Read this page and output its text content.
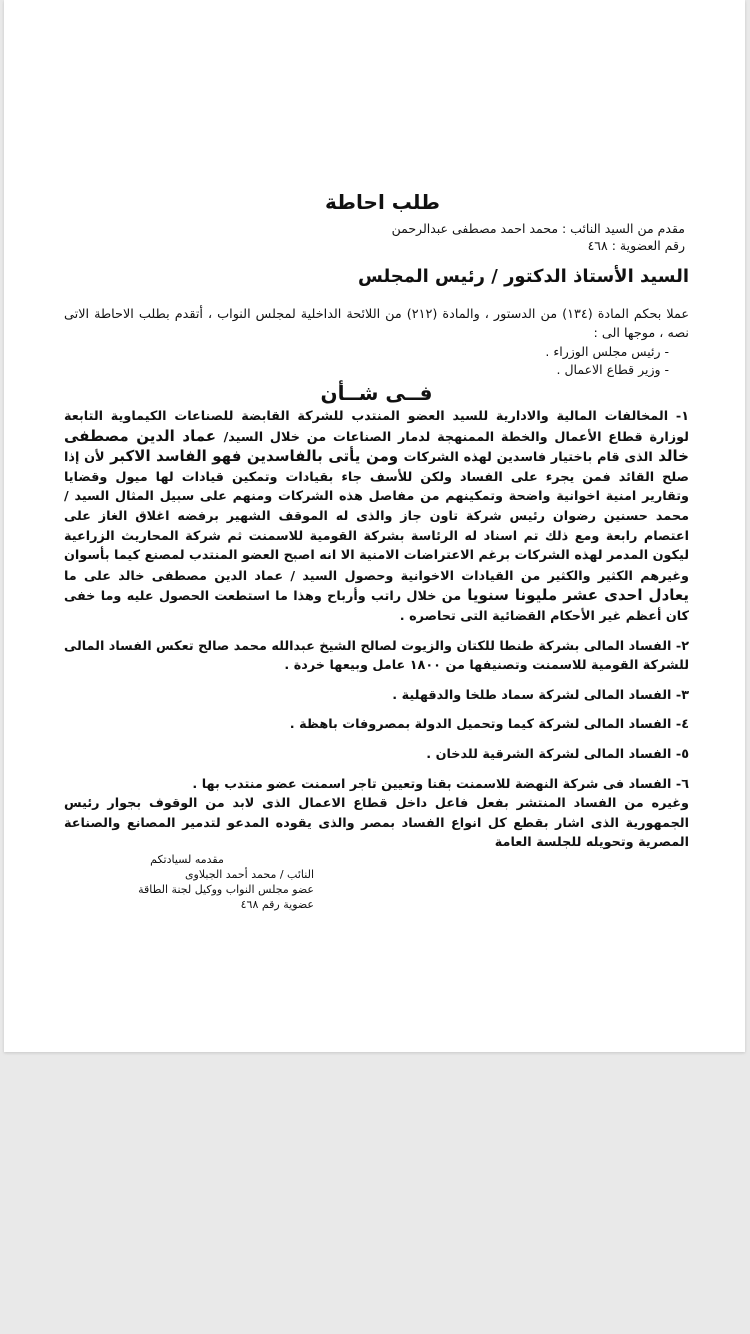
طلب احاطة
مقدم من السيد النائب : محمد احمد مصطفى عبدالرحمن
رقم العضوية : ٤٦٨
السيد الأستاذ الدكتور / رئيس المجلس

عملا بحكم المادة (١٣٤) من الدستور ، والمادة (٢١٢) من اللائحة الداخلية لمجلس النواب ، أتقدم بطلب الاحاطة الاتى نصه ، موجها الى :

- رئيس مجلس الوزراء .
- وزير قطاع الاعمال .
فــى شــأن
١- المخالفات المالية والادارية للسيد العضو المنتدب للشركة القابضة للصناعات الكيماوية التابعة لوزارة قطاع الأعمال والخطة الممنهجة لدمار الصناعات من خلال السيد/ عماد الدين مصطفى خالد الذى قام باختيار فاسدين لهذه الشركات ومن يأتى بالفاسدين فهو الفاسد الاكبر لأن إذا صلح القائد فمن يجرء على الفساد ولكن للأسف جاء بقيادات وتمكين قيادات لها ميول وقضايا وتقارير امنية اخوانية واضحة وتمكينهم من مفاصل هذه الشركات ومنهم على سبيل المثال السيد / محمد حسنين رضوان رئيس شركة تاون جاز والذى له الموقف الشهير برفضه اغلاق الغاز على اعتصام رابعة ومع ذلك تم اسناد له الرئاسة بشركة القومية للاسمنت ثم شركة المحاريث الزراعية ليكون المدمر لهذه الشركات برغم الاعتراضات الامنية الا انه اصبح العضو المنتدب لمصنع كيما بأسوان وغيرهم الكثير والكثير من القيادات الاخوانية وحصول السيد / عماد الدين مصطفى خالد على ما يعادل احدى عشر مليونا سنويا من خلال راتب وأرباح وهذا ما استطعت الحصول عليه وما خفى كان أعظم غير الأحكام القضائية التى تحاصره .
٢- الفساد المالى بشركة طنطا للكتان والزيوت لصالح الشيخ عبدالله محمد صالح تعكس الفساد المالى للشركة القومية للاسمنت وتصنيفها من ١٨٠٠ عامل وبيعها خردة .
٣- الفساد المالى لشركة سماد طلخا والدقهلية .
٤- الفساد المالى لشركة كيما وتحميل الدولة بمصروفات باهظة .
٥- الفساد المالى لشركة الشرقية للدخان .
٦- الفساد فى شركة النهضة للاسمنت بقنا وتعيين تاجر اسمنت عضو منتدب بها .
وغيره من الفساد المنتشر بفعل فاعل داخل قطاع الاعمال الذى لابد من الوقوف بجوار رئيس الجمهورية الذى اشار بقطع كل انواع الفساد بمصر والذى يقوده المدعو لتدمير المصانع والصناعة المصرية وتحويله للجلسة العامة
مقدمه لسيادتكم
النائب / محمد أحمد الجبلاوى
عضو مجلس النواب ووكيل لجنة الطاقة
عضوية رقم ٤٦٨
